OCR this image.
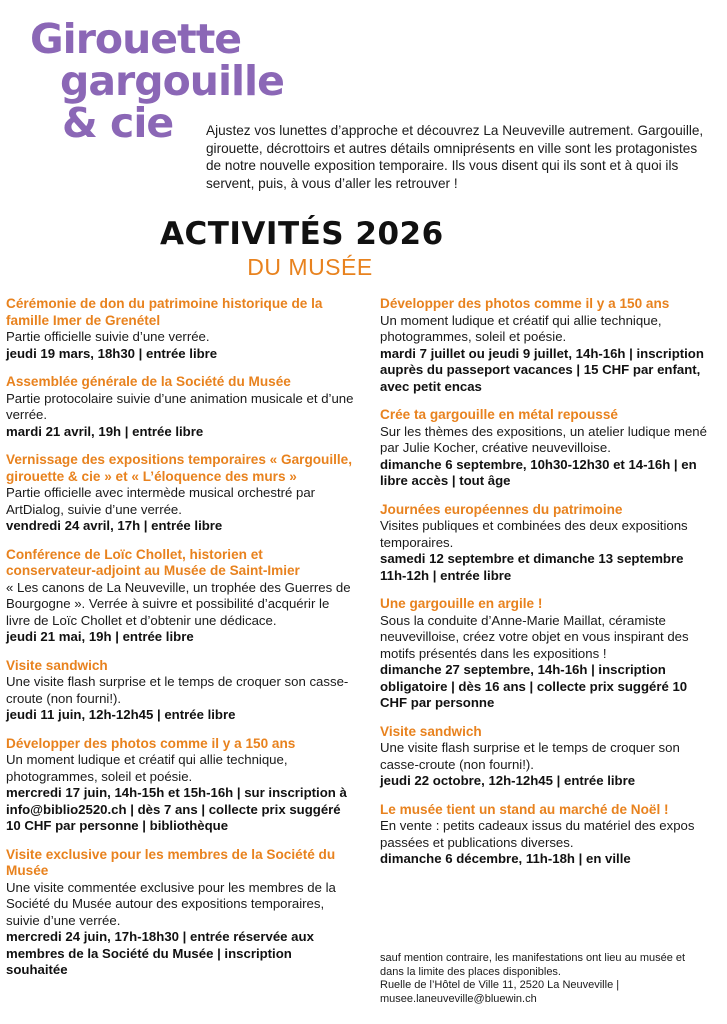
Girouette
gargouille
& cie	Ajustez vos lunettes d’approche et découvrez La Neuveville autrement. Gargouille, girouette, décrottoirs et autres détails omniprésents en ville sont les protagonistes de notre nouvelle exposition temporaire. Ils vous disent qui ils sont et à quoi ils servent, puis, à vous d’aller les retrouver !

ACTIVITÉS 2026
DU MUSÉE
Cérémonie de don du patrimoine historique de la famille Imer de Grenétel
Partie officielle suivie d’une verrée.
jeudi 19 mars, 18h30 | entrée libre
Assemblée générale de la Société du Musée
Partie protocolaire suivie d’une animation musicale et d’une verrée.
mardi 21 avril, 19h | entrée libre
Vernissage des expositions temporaires « Gargouille, girouette & cie » et « L’éloquence des murs »
Partie officielle avec intermède musical orchestré par ArtDialog, suivie d’une verrée.
vendredi 24 avril, 17h | entrée libre
Conférence de Loïc Chollet, historien et conservateur-adjoint au Musée de Saint-Imier
« Les canons de La Neuveville, un trophée des Guerres de Bourgogne ». Verrée à suivre et possibilité d’acquérir le livre de Loïc Chollet et d’obtenir une dédicace.
jeudi 21 mai, 19h | entrée libre
Visite sandwich
Une visite flash surprise et le temps de croquer son casse-croute (non fourni!).
jeudi 11 juin, 12h-12h45 | entrée libre
Développer des photos comme il y a 150 ans
Un moment ludique et créatif qui allie technique, photogrammes, soleil et poésie.
mercredi 17 juin, 14h-15h et 15h-16h | sur inscription à info@biblio2520.ch | dès 7 ans | collecte prix suggéré 10 CHF par personne | bibliothèque
Visite exclusive pour les membres de la Société du Musée
Une visite commentée exclusive pour les membres de la Société du Musée autour des expositions temporaires, suivie d’une verrée.
mercredi 24 juin, 17h-18h30 | entrée réservée aux membres de la Société du Musée | inscription souhaitée
Développer des photos comme il y a 150 ans
Un moment ludique et créatif qui allie technique, photogrammes, soleil et poésie.
mardi 7 juillet ou jeudi 9 juillet, 14h-16h | inscription auprès du passeport vacances | 15 CHF par enfant, avec petit encas
Crée ta gargouille en métal repoussé
Sur les thèmes des expositions, un atelier ludique mené par Julie Kocher, créative neuvevilloise.
dimanche 6 septembre, 10h30-12h30 et 14-16h | en libre accès | tout âge
Journées européennes du patrimoine
Visites publiques et combinées des deux expositions temporaires.
samedi 12 septembre et dimanche 13 septembre 11h-12h | entrée libre
Une gargouille en argile !
Sous la conduite d’Anne-Marie Maillat, céramiste neuvevilloise, créez votre objet en vous inspirant des motifs présentés dans les expositions !
dimanche 27 septembre, 14h-16h | inscription obligatoire | dès 16 ans | collecte prix suggéré 10 CHF par personne
Visite sandwich
Une visite flash surprise et le temps de croquer son casse-croute (non fourni!).
jeudi 22 octobre, 12h-12h45 | entrée libre
Le musée tient un stand au marché de Noël !
En vente : petits cadeaux issus du matériel des expos passées et publications diverses.
dimanche 6 décembre, 11h-18h | en ville

sauf mention contraire, les manifestations ont lieu au musée et dans la limite des places disponibles.

Ruelle de l’Hôtel de Ville 11, 2520 La Neuveville |

musee.laneuveville@bluewin.ch
